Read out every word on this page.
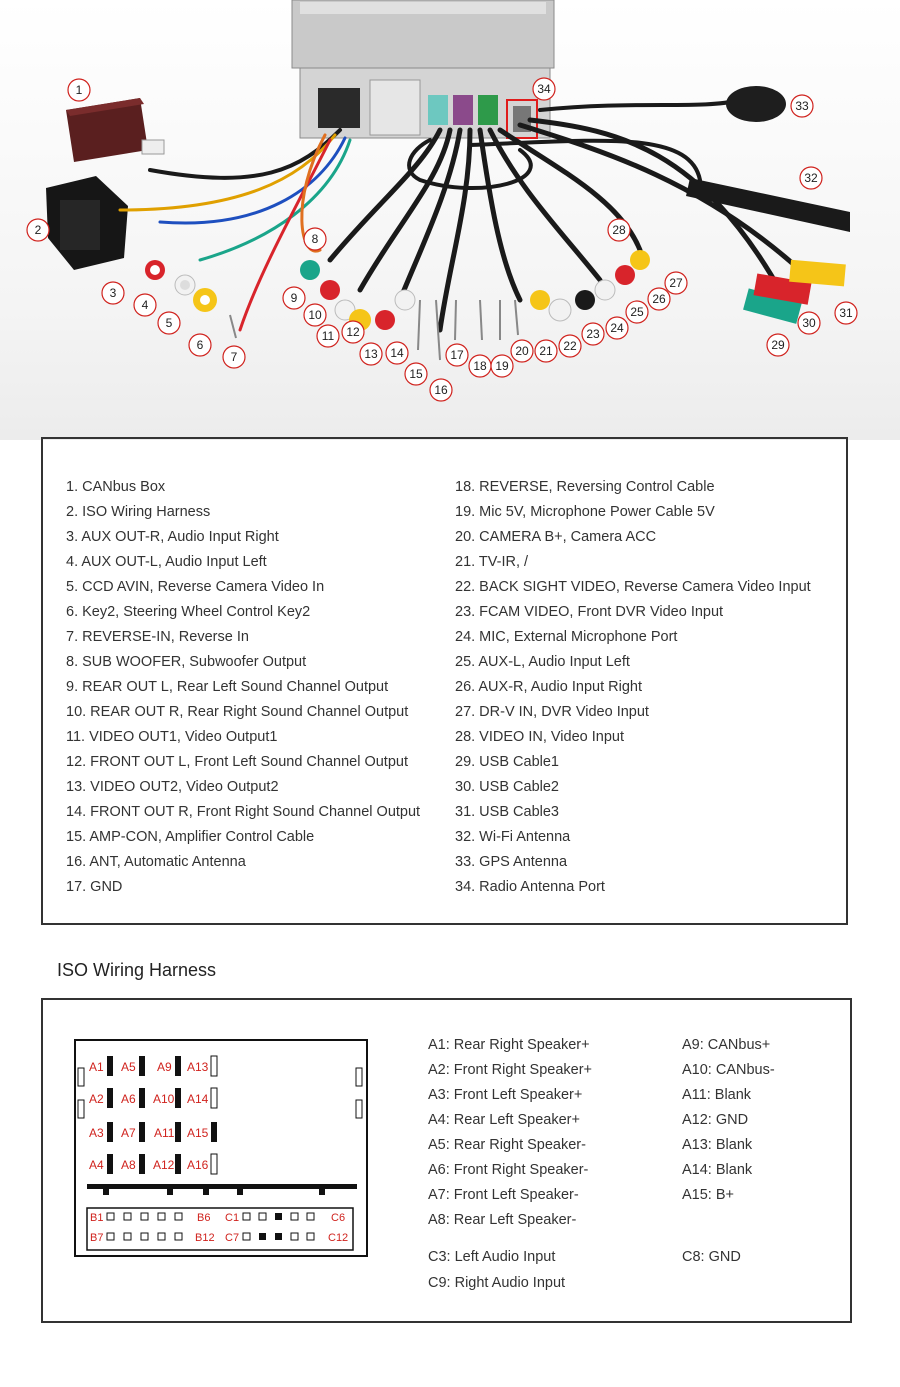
1
2
3
4
5
6
7
8
9
10
11 12
13 14
15
16
17
18 19
20 21 22
23 24
25
26
27
28
29
30
31
32
33
34
1. CANbus Box
2. ISO Wiring Harness
3. AUX OUT-R, Audio Input Right
4. AUX OUT-L, Audio Input Left
5. CCD AVIN, Reverse Camera Video In
6. Key2, Steering Wheel Control Key2
7. REVERSE-IN, Reverse In
8. SUB WOOFER, Subwoofer Output
9. REAR OUT L, Rear Left Sound Channel Output
10. REAR OUT R, Rear Right Sound Channel Output
11. VIDEO OUT1, Video Output1
12. FRONT OUT L, Front Left Sound Channel Output
13. VIDEO OUT2, Video Output2
14. FRONT OUT R, Front Right Sound Channel Output
15. AMP-CON, Amplifier Control Cable
16. ANT, Automatic Antenna
17. GND
18. REVERSE, Reversing Control Cable
19. Mic 5V, Microphone Power Cable 5V
20. CAMERA B+, Camera ACC
21. TV-IR, /
22. BACK SIGHT VIDEO, Reverse Camera Video Input
23. FCAM VIDEO, Front DVR Video Input
24. MIC, External Microphone Port
25. AUX-L, Audio Input Left
26. AUX-R, Audio Input Right
27. DR-V IN, DVR Video Input
28. VIDEO IN, Video Input
29. USB Cable1
30. USB Cable2
31. USB Cable3
32. Wi-Fi Antenna
33. GPS Antenna
34. Radio Antenna Port
ISO Wiring Harness
A1 A5 A9 A13
A2 A6 A10 A14
A3 A7 A11 A15
A4 A8 A12 A16
B1	B6 C1	C6
B7	B12 C7	C12
A1: Rear Right Speaker+
A2: Front Right Speaker+
A3: Front Left Speaker+
A4: Rear Left Speaker+
A5: Rear Right Speaker-
A6: Front Right Speaker-
A7: Front Left Speaker-
A8: Rear Left Speaker-
A9: CANbus+
A10: CANbus-
A11: Blank
A12: GND
A13: Blank
A14: Blank
A15: B+
C3: Left Audio Input
C9: Right Audio Input
C8: GND
